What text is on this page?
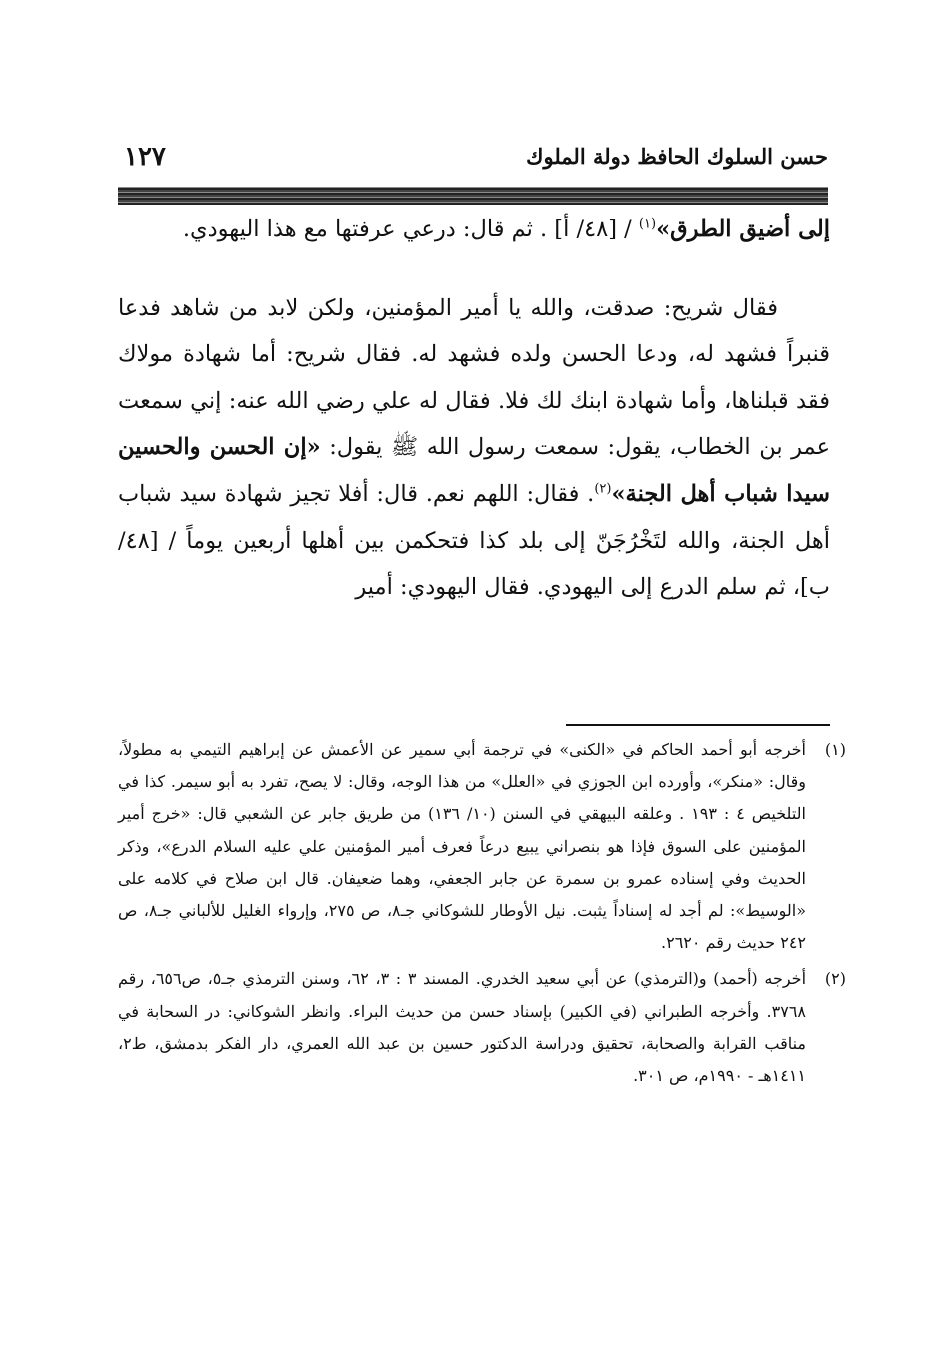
حسن السلوك الحافظ دولة الملوك
١٢٧

إلى أضيق الطرق»$^{(١)}$ / [٤٨/ أ] . ثم قال: درعي عرفتها مع هذا اليهودي.

فقال شريح: صدقت، والله يا أمير المؤمنين، ولكن لابد من شاهد فدعا قنبراً فشهد له، ودعا الحسن ولده فشهد له. فقال شريح: أما شهادة مولاك فقد قبلناها، وأما شهادة ابنك لك فلا. فقال له علي رضي الله عنه: إني سمعت عمر بن الخطاب، يقول: سمعت رسول الله ﷺ يقول: «إن الحسن والحسين سيدا شباب أهل الجنة»$^{(٢)}$. فقال: اللهم نعم. قال: أفلا تجيز شهادة سيد شباب أهل الجنة، والله لتَخْرُجَنّ إلى بلد كذا فتحكمن بين أهلها أربعين يوماً / [٤٨/ ب]، ثم سلم الدرع إلى اليهودي. فقال اليهودي: أمير

(١)
أخرجه أبو أحمد الحاكم في «الكنى» في ترجمة أبي سمير عن الأعمش عن إبراهيم التيمي به مطولاً، وقال: «منكر»، وأورده ابن الجوزي في «العلل» من هذا الوجه، وقال: لا يصح، تفرد به أبو سيمر. كذا في التلخيص ٤ : ١٩٣ . وعلقه البيهقي في السنن (١٠/ ١٣٦) من طريق جابر عن الشعبي قال: «خرج أمير المؤمنين على السوق فإذا هو بنصراني يبيع درعاً فعرف أمير المؤمنين علي عليه السلام الدرع»، وذكر الحديث وفي إسناده عمرو بن سمرة عن جابر الجعفي، وهما ضعيفان. قال ابن صلاح في كلامه على «الوسيط»: لم أجد له إسناداً يثبت. نيل الأوطار للشوكاني جـ٨، ص ٢٧٥، وإرواء الغليل للألباني جـ٨، ص ٢٤٢ حديث رقم ٢٦٢٠.
(٢)
أخرجه (أحمد) و(الترمذي) عن أبي سعيد الخدري. المسند ٣ : ٣، ٦٢، وسنن الترمذي جـ٥، ص٦٥٦، رقم ٣٧٦٨. وأخرجه الطبراني (في الكبير) بإسناد حسن من حديث البراء. وانظر الشوكاني: در السحابة في مناقب القرابة والصحابة، تحقيق ودراسة الدكتور حسين بن عبد الله العمري، دار الفكر بدمشق، ط٢، ١٤١١هـ - ١٩٩٠م، ص ٣٠١.
